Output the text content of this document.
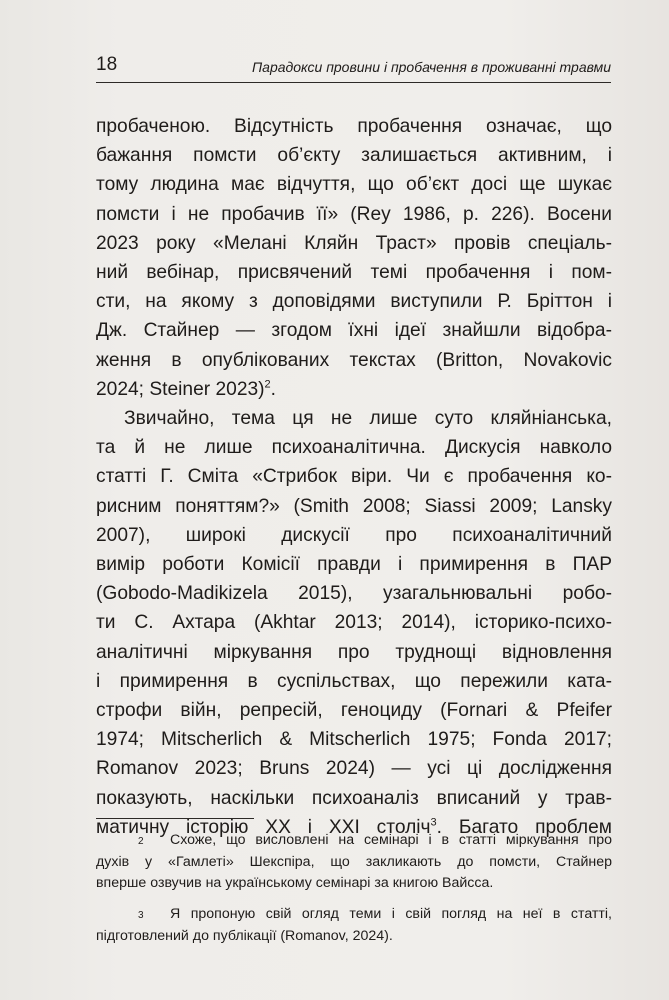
18	Парадокси провини і пробачення в проживанні травми
пробаченою. Відсутність пробачення означає, що
бажання помсти об’єкту залишається активним, і
тому людина має відчуття, що об’єкт досі ще шукає
помсти і не пробачив її» (Rey 1986, p. 226). Восени
2023 року «Мелані Кляйн Траст» провів спеціаль-
ний вебінар, присвячений темі пробачення і пом-
сти, на якому з доповідями виступили Р. Бріттон і
Дж. Стайнер — згодом їхні ідеї знайшли відобра-
ження в опублікованих текстах (Britton, Novakovic
2024; Steiner 2023)$^2$.
Звичайно, тема ця не лише суто кляйніанська,
та й не лише психоаналітична. Дискусія навколо
статті Г. Сміта «Стрибок віри. Чи є пробачення ко-
рисним поняттям?» (Smith 2008; Siassi 2009; Lansky
2007), широкі дискусії про психоаналітичний
вимір роботи Комісії правди і примирення в ПАР
(Gobodo-Madikizela 2015), узагальнювальні робо-
ти С. Ахтара (Akhtar 2013; 2014), історико-психо-
аналітичні міркування про труднощі відновлення
і примирення в суспільствах, що пережили ката-
строфи війн, репресій, геноциду (Fornari & Pfeifer
1974; Mitscherlich & Mitscherlich 1975; Fonda 2017;
Romanov 2023; Bruns 2024) — усі ці дослідження
показують, наскільки психоаналіз вписаний у трав-
матичну історію XX і XXI століч$^3$. Багато проблем
2	Схоже, що висловлені на семінарі і в статті міркування про
духів у «Гамлеті» Шекспіра, що закликають до помсти, Стайнер
вперше озвучив на українському семінарі за книгою Вайсса.
3	Я пропоную свій огляд теми і свій погляд на неї в статті,
підготовлений до публікації (Romanov, 2024).
